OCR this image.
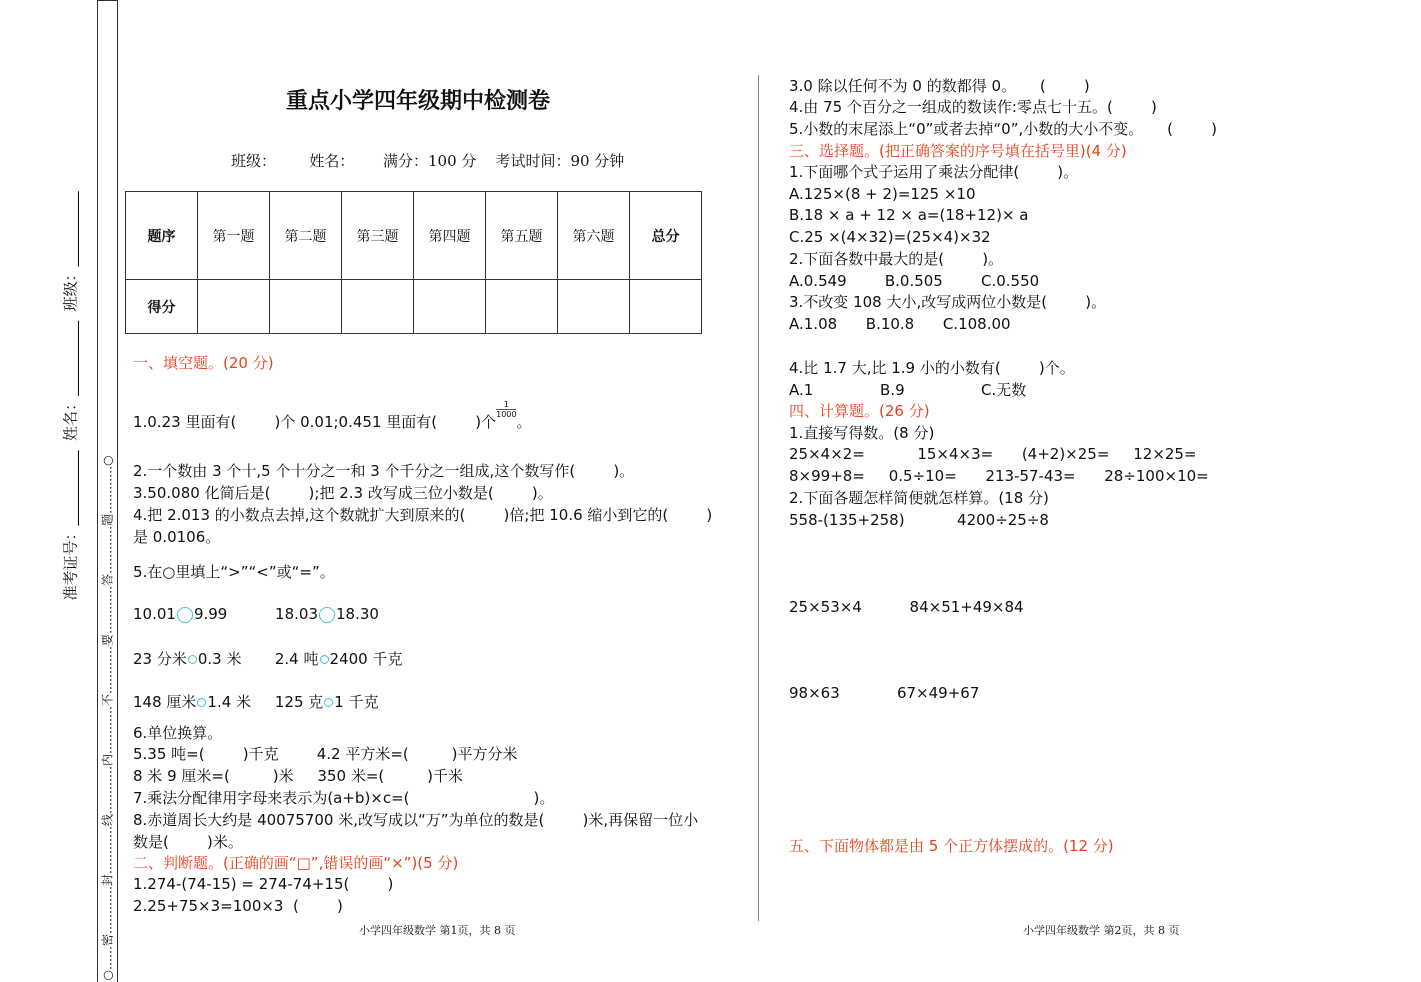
准考证号：__________  姓名：__________  班级：__________
○……密…………封…………线…………内…………不…………要…………答…………题…………○
重点小学四年级期中检测卷
班级：       姓名：      满分：100 分    考试时间：90 分钟
题序	第一题	第二题	第三题	第四题	第五题	第六题	总分
得分							
一、填空题。(20 分)
1.0.23 里面有(        )个 0.01;0.451 里面有(        )个
$\frac{1}{1000}$
。
2.一个数由 3 个十,5 个十分之一和 3 个千分之一组成,这个数写作(        )。
3.50.080 化简后是(        );把 2.3 改写成三位小数是(        )。
4.把 2.013 的小数点去掉,这个数就扩大到原来的(        )倍;把 10.6 缩小到它的(        )
是 0.0106。
5.在○里填上“>”“<”或“=”。
10.01 9.99	18.03 18.30
23 分米 0.3 米 2.4 吨 2400 千克
148 厘米 1.4 米 125 克 1 千克
6.单位换算。
5.35 吨=(        )千克        4.2 平方米=(         )平方分米
8 米 9 厘米=(         )米     350 米=(         )千米
7.乘法分配律用字母来表示为(a+b)×c=(                          )。
8.赤道周长大约是 40075700 米,改写成以“万”为单位的数是(        )米,再保留一位小
数是(        )米。
二、判断题。(正确的画“□”,错误的画“×”)(5 分)
1.274-(74-15) = 274-74+15(        )
2.25+75×3=100×3  (        )
小学四年级数学 第1页，共 8 页
3.0 除以任何不为 0 的数都得 0。     (        )
4.由 75 个百分之一组成的数读作:零点七十五。(        )
5.小数的末尾添上“0”或者去掉“0”,小数的大小不变。     (        )
三、选择题。(把正确答案的序号填在括号里)(4 分)
1.下面哪个式子运用了乘法分配律(        )。
A.125×(8 + 2)=125 ×10
B.18 × a + 12 × a=(18+12)× a
C.25 ×(4×32)=(25×4)×32
2.下面各数中最大的是(        )。
A.0.549        B.0.505        C.0.550
3.不改变 108 大小,改写成两位小数是(        )。
A.1.08      B.10.8      C.108.00
4.比 1.7 大,比 1.9 小的小数有(        )个。
A.1              B.9                C.无数
四、计算题。(26 分)
1.直接写得数。(8 分)
25×4×2=           15×4×3=      (4+2)×25=     12×25=
8×99+8=     0.5÷10=      213-57-43=      28÷100×10=
2.下面各题怎样简便就怎样算。(18 分)
558-(135+258)           4200÷25÷8
25×53×4          84×51+49×84
98×63            67×49+67
五、下面物体都是由 5 个正方体摆成的。(12 分)
小学四年级数学 第2页，共 8 页
